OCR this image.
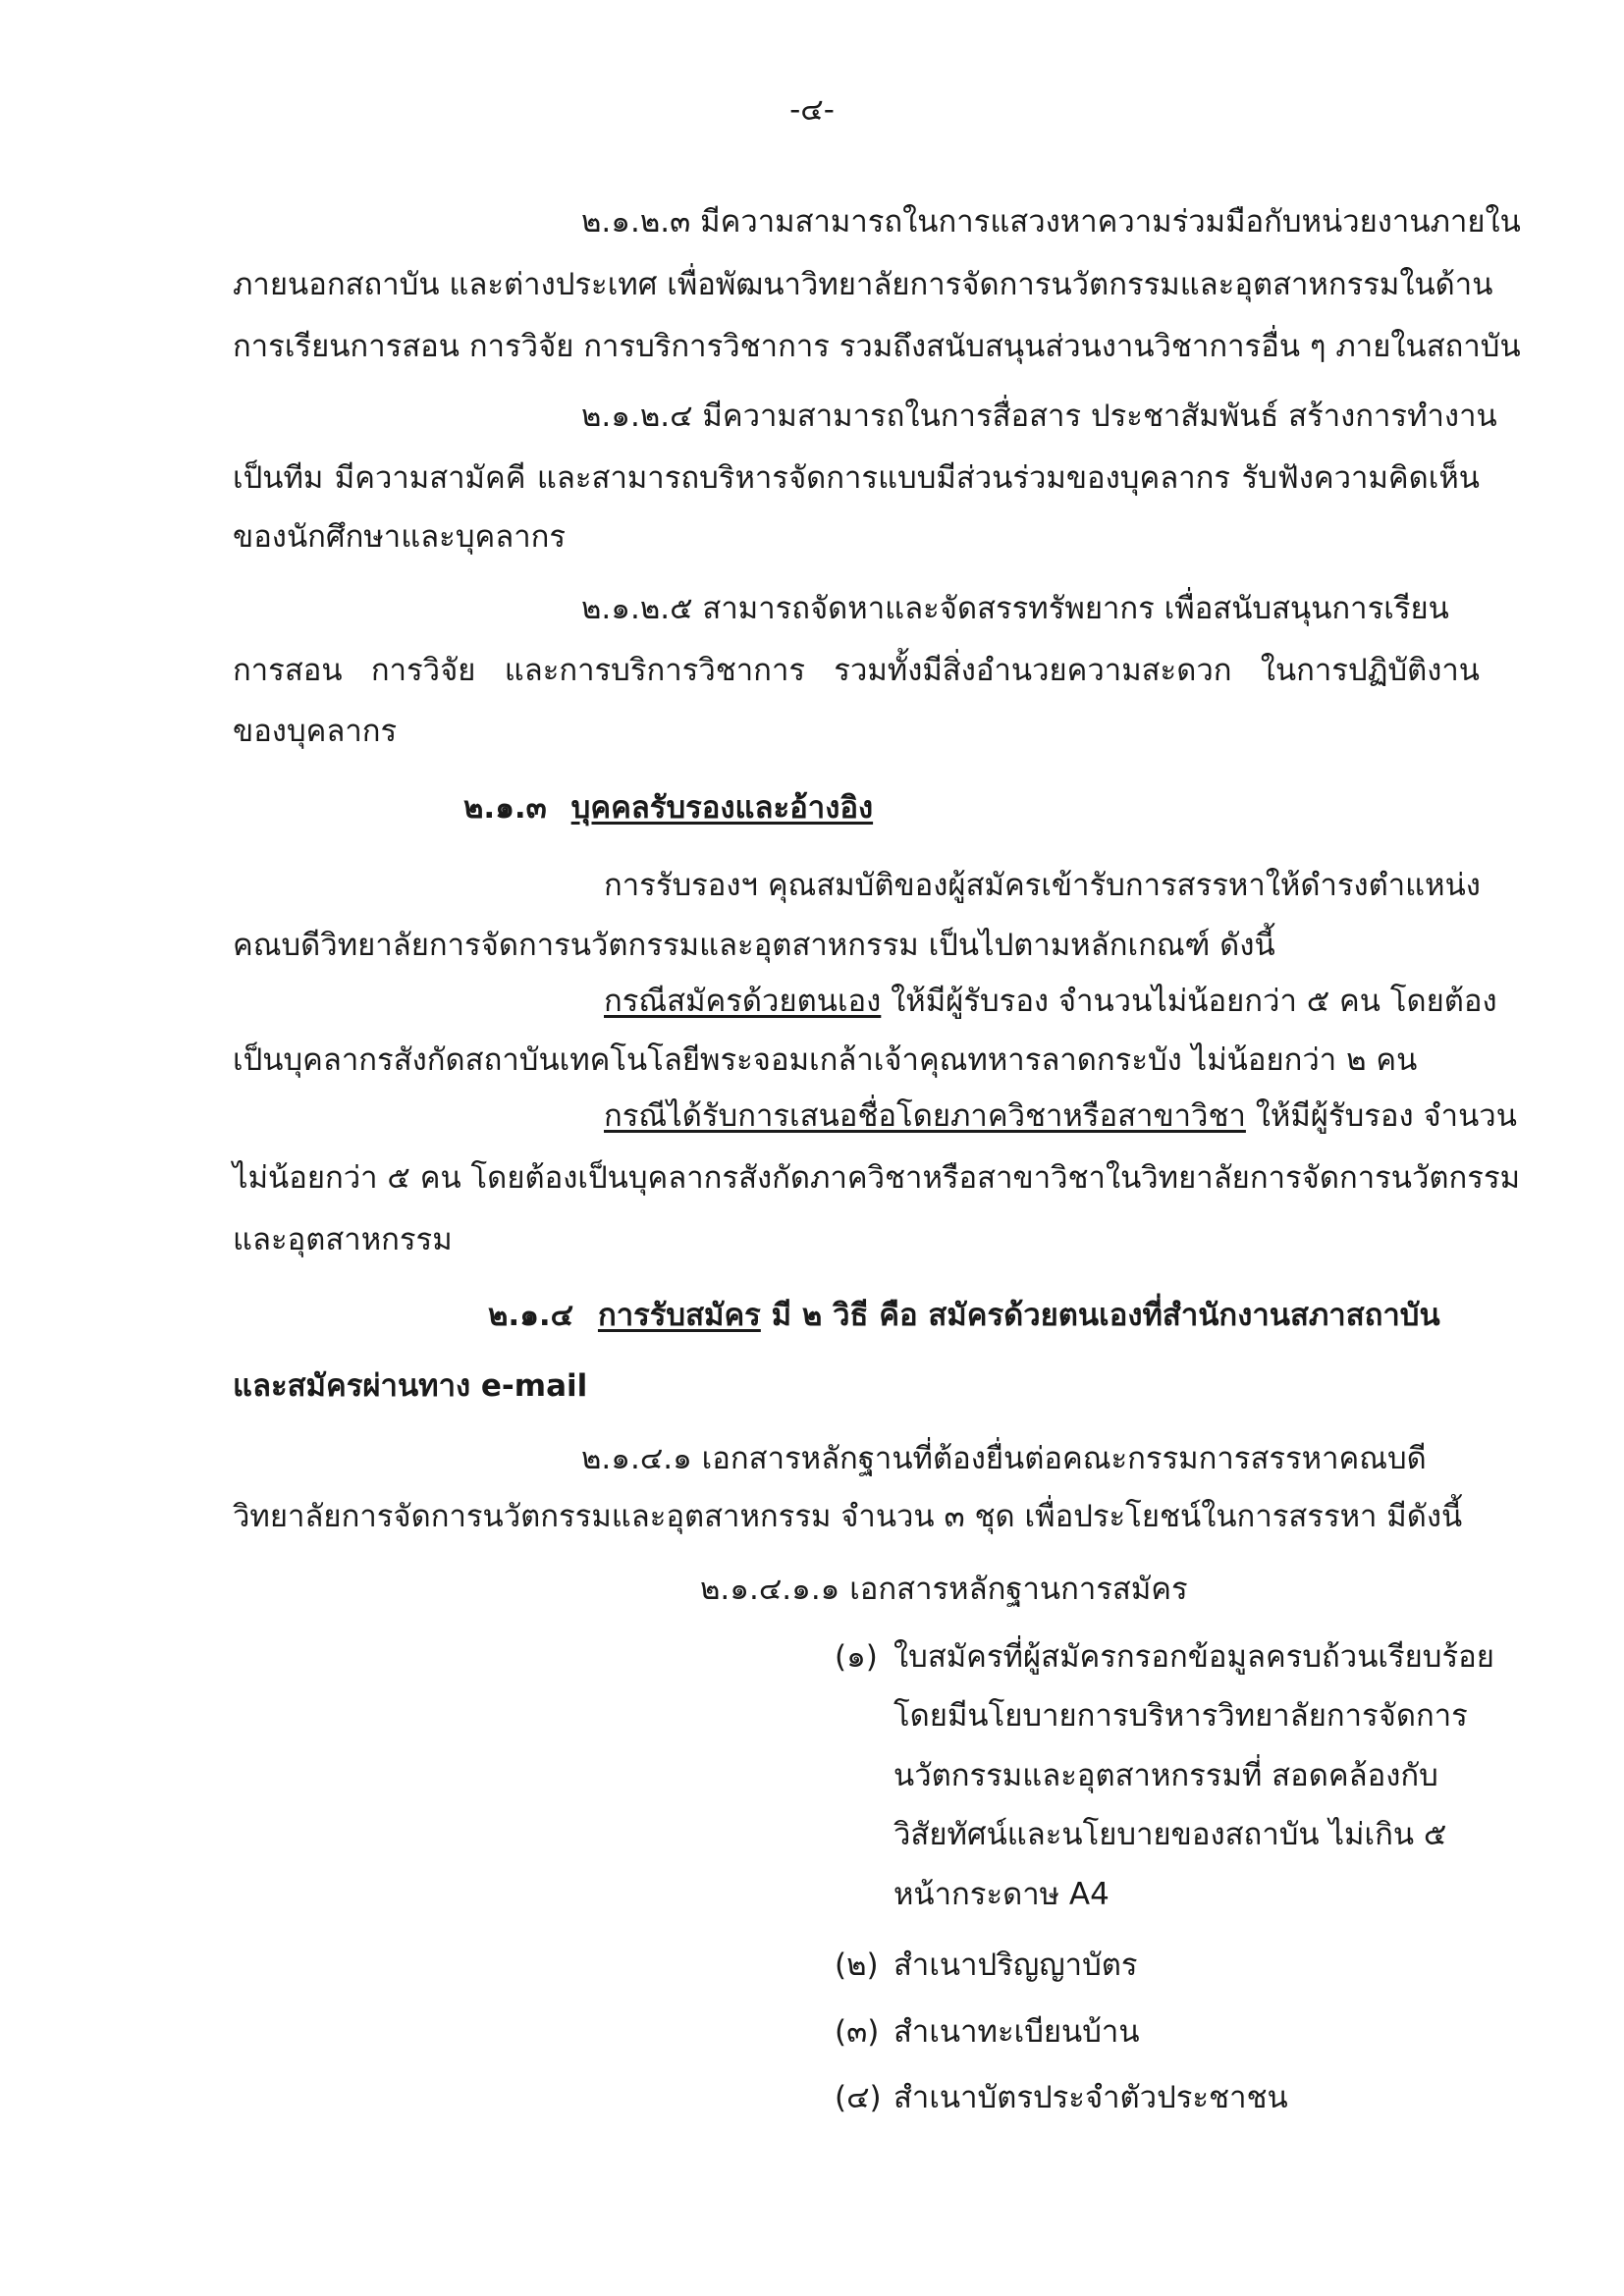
-๔-
๒.๑.๒.๓ มีความสามารถในการแสวงหาความร่วมมือกับหน่วยงานภายใน
ภายนอกสถาบัน และต่างประเทศ เพื่อพัฒนาวิทยาลัยการจัดการนวัตกรรมและอุตสาหกรรมในด้าน
การเรียนการสอน การวิจัย การบริการวิชาการ รวมถึงสนับสนุนส่วนงานวิชาการอื่น ๆ ภายในสถาบัน
๒.๑.๒.๔ มีความสามารถในการสื่อสาร ประชาสัมพันธ์ สร้างการทำงาน
เป็นทีม มีความสามัคคี และสามารถบริหารจัดการแบบมีส่วนร่วมของบุคลากร รับฟังความคิดเห็น
ของนักศึกษาและบุคลากร
๒.๑.๒.๕ สามารถจัดหาและจัดสรรทรัพยากร เพื่อสนับสนุนการเรียน
การสอน การวิจัย และการบริการวิชาการ รวมทั้งมีสิ่งอำนวยความสะดวก ในการปฏิบัติงาน
ของบุคลากร
๒.๑.๓ บุคคลรับรองและอ้างอิง
การรับรองฯ คุณสมบัติของผู้สมัครเข้ารับการสรรหาให้ดำรงตำแหน่ง
คณบดีวิทยาลัยการจัดการนวัตกรรมและอุตสาหกรรม เป็นไปตามหลักเกณฑ์ ดังนี้
กรณีสมัครด้วยตนเอง ให้มีผู้รับรอง จำนวนไม่น้อยกว่า ๕ คน โดยต้อง
เป็นบุคลากรสังกัดสถาบันเทคโนโลยีพระจอมเกล้าเจ้าคุณทหารลาดกระบัง ไม่น้อยกว่า ๒ คน
กรณีได้รับการเสนอชื่อโดยภาควิชาหรือสาขาวิชา ให้มีผู้รับรอง จำนวน
ไม่น้อยกว่า ๕ คน โดยต้องเป็นบุคลากรสังกัดภาควิชาหรือสาขาวิชาในวิทยาลัยการจัดการนวัตกรรม
และอุตสาหกรรม
๒.๑.๔ การรับสมัคร มี ๒ วิธี คือ สมัครด้วยตนเองที่สำนักงานสภาสถาบัน
และสมัครผ่านทาง e-mail
๒.๑.๔.๑ เอกสารหลักฐานที่ต้องยื่นต่อคณะกรรมการสรรหาคณบดี
วิทยาลัยการจัดการนวัตกรรมและอุตสาหกรรม จำนวน ๓ ชุด เพื่อประโยชน์ในการสรรหา มีดังนี้
๒.๑.๔.๑.๑ เอกสารหลักฐานการสมัคร
(๑) ใบสมัครที่ผู้สมัครกรอกข้อมูลครบถ้วนเรียบร้อย
โดยมีนโยบายการบริหารวิทยาลัยการจัดการ
นวัตกรรมและอุตสาหกรรมที่ สอดคล้องกับ
วิสัยทัศน์และนโยบายของสถาบัน ไม่เกิน ๕
หน้ากระดาษ A4
(๒) สำเนาปริญญาบัตร
(๓) สำเนาทะเบียนบ้าน
(๔) สำเนาบัตรประจำตัวประชาชน
